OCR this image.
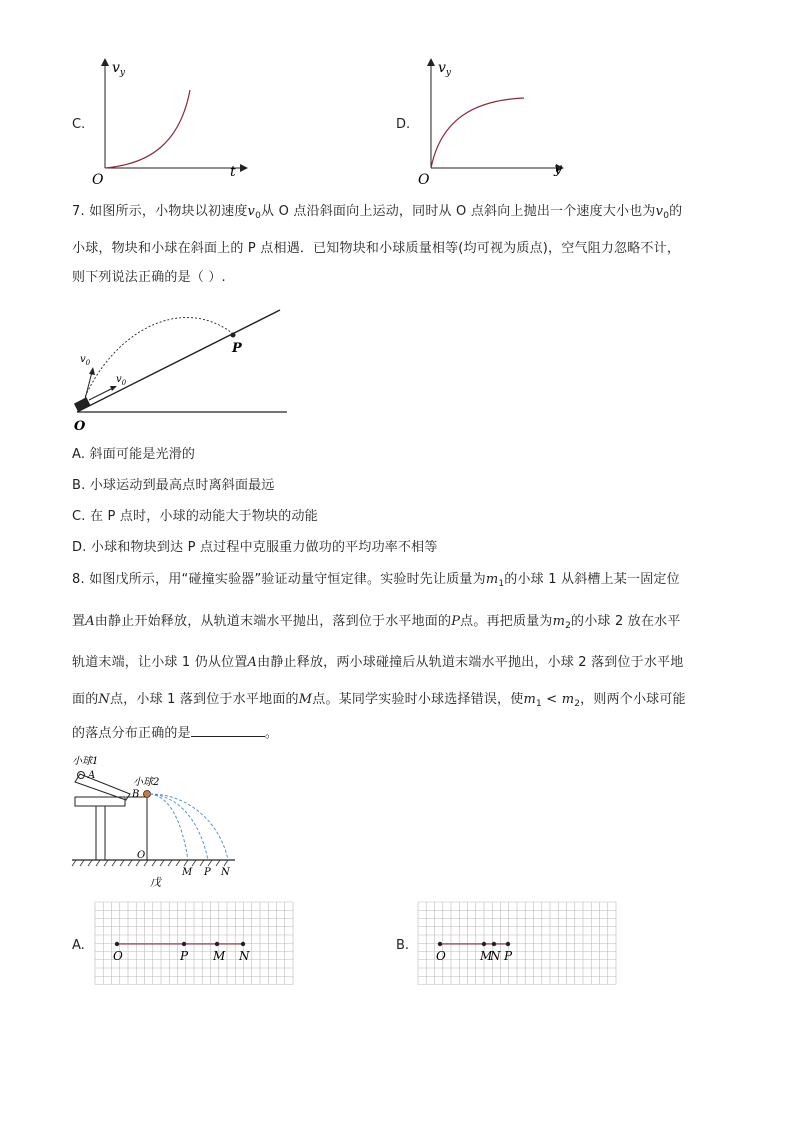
C.
$v_y$
t
O
D.
$v_y$
y
O
7. 如图所示，小物块以初速度$v_0$从 O 点沿斜面向上运动，同时从 O 点斜向上抛出一个速度大小也为$v_0$的
小球，物块和小球在斜面上的 P 点相遇．已知物块和小球质量相等(均可视为质点)，空气阻力忽略不计，
则下列说法正确的是（ ）.
P
O
$v_0$
$v_0$
A. 斜面可能是光滑的
B. 小球运动到最高点时离斜面最远
C. 在 P 点时，小球的动能大于物块的动能
D. 小球和物块到达 P 点过程中克服重力做功的平均功率不相等
8. 如图戊所示，用“碰撞实验器”验证动量守恒定律。实验时先让质量为$m_1$的小球 1 从斜槽上某一固定位
置A由静止开始释放，从轨道末端水平抛出，落到位于水平地面的P点。再把质量为$m_2$的小球 2 放在水平
轨道末端，让小球 1 仍从位置A由静止释放，两小球碰撞后从轨道末端水平抛出，小球 2 落到位于水平地
面的N点，小球 1 落到位于水平地面的M点。某同学实验时小球选择错误，使$m_1 < m_2$，则两个小球可能
的落点分布正确的是	。
小球1
A
小球2
B
O
M P N
戊
A.
O	P M N
B.
O	M
N P
